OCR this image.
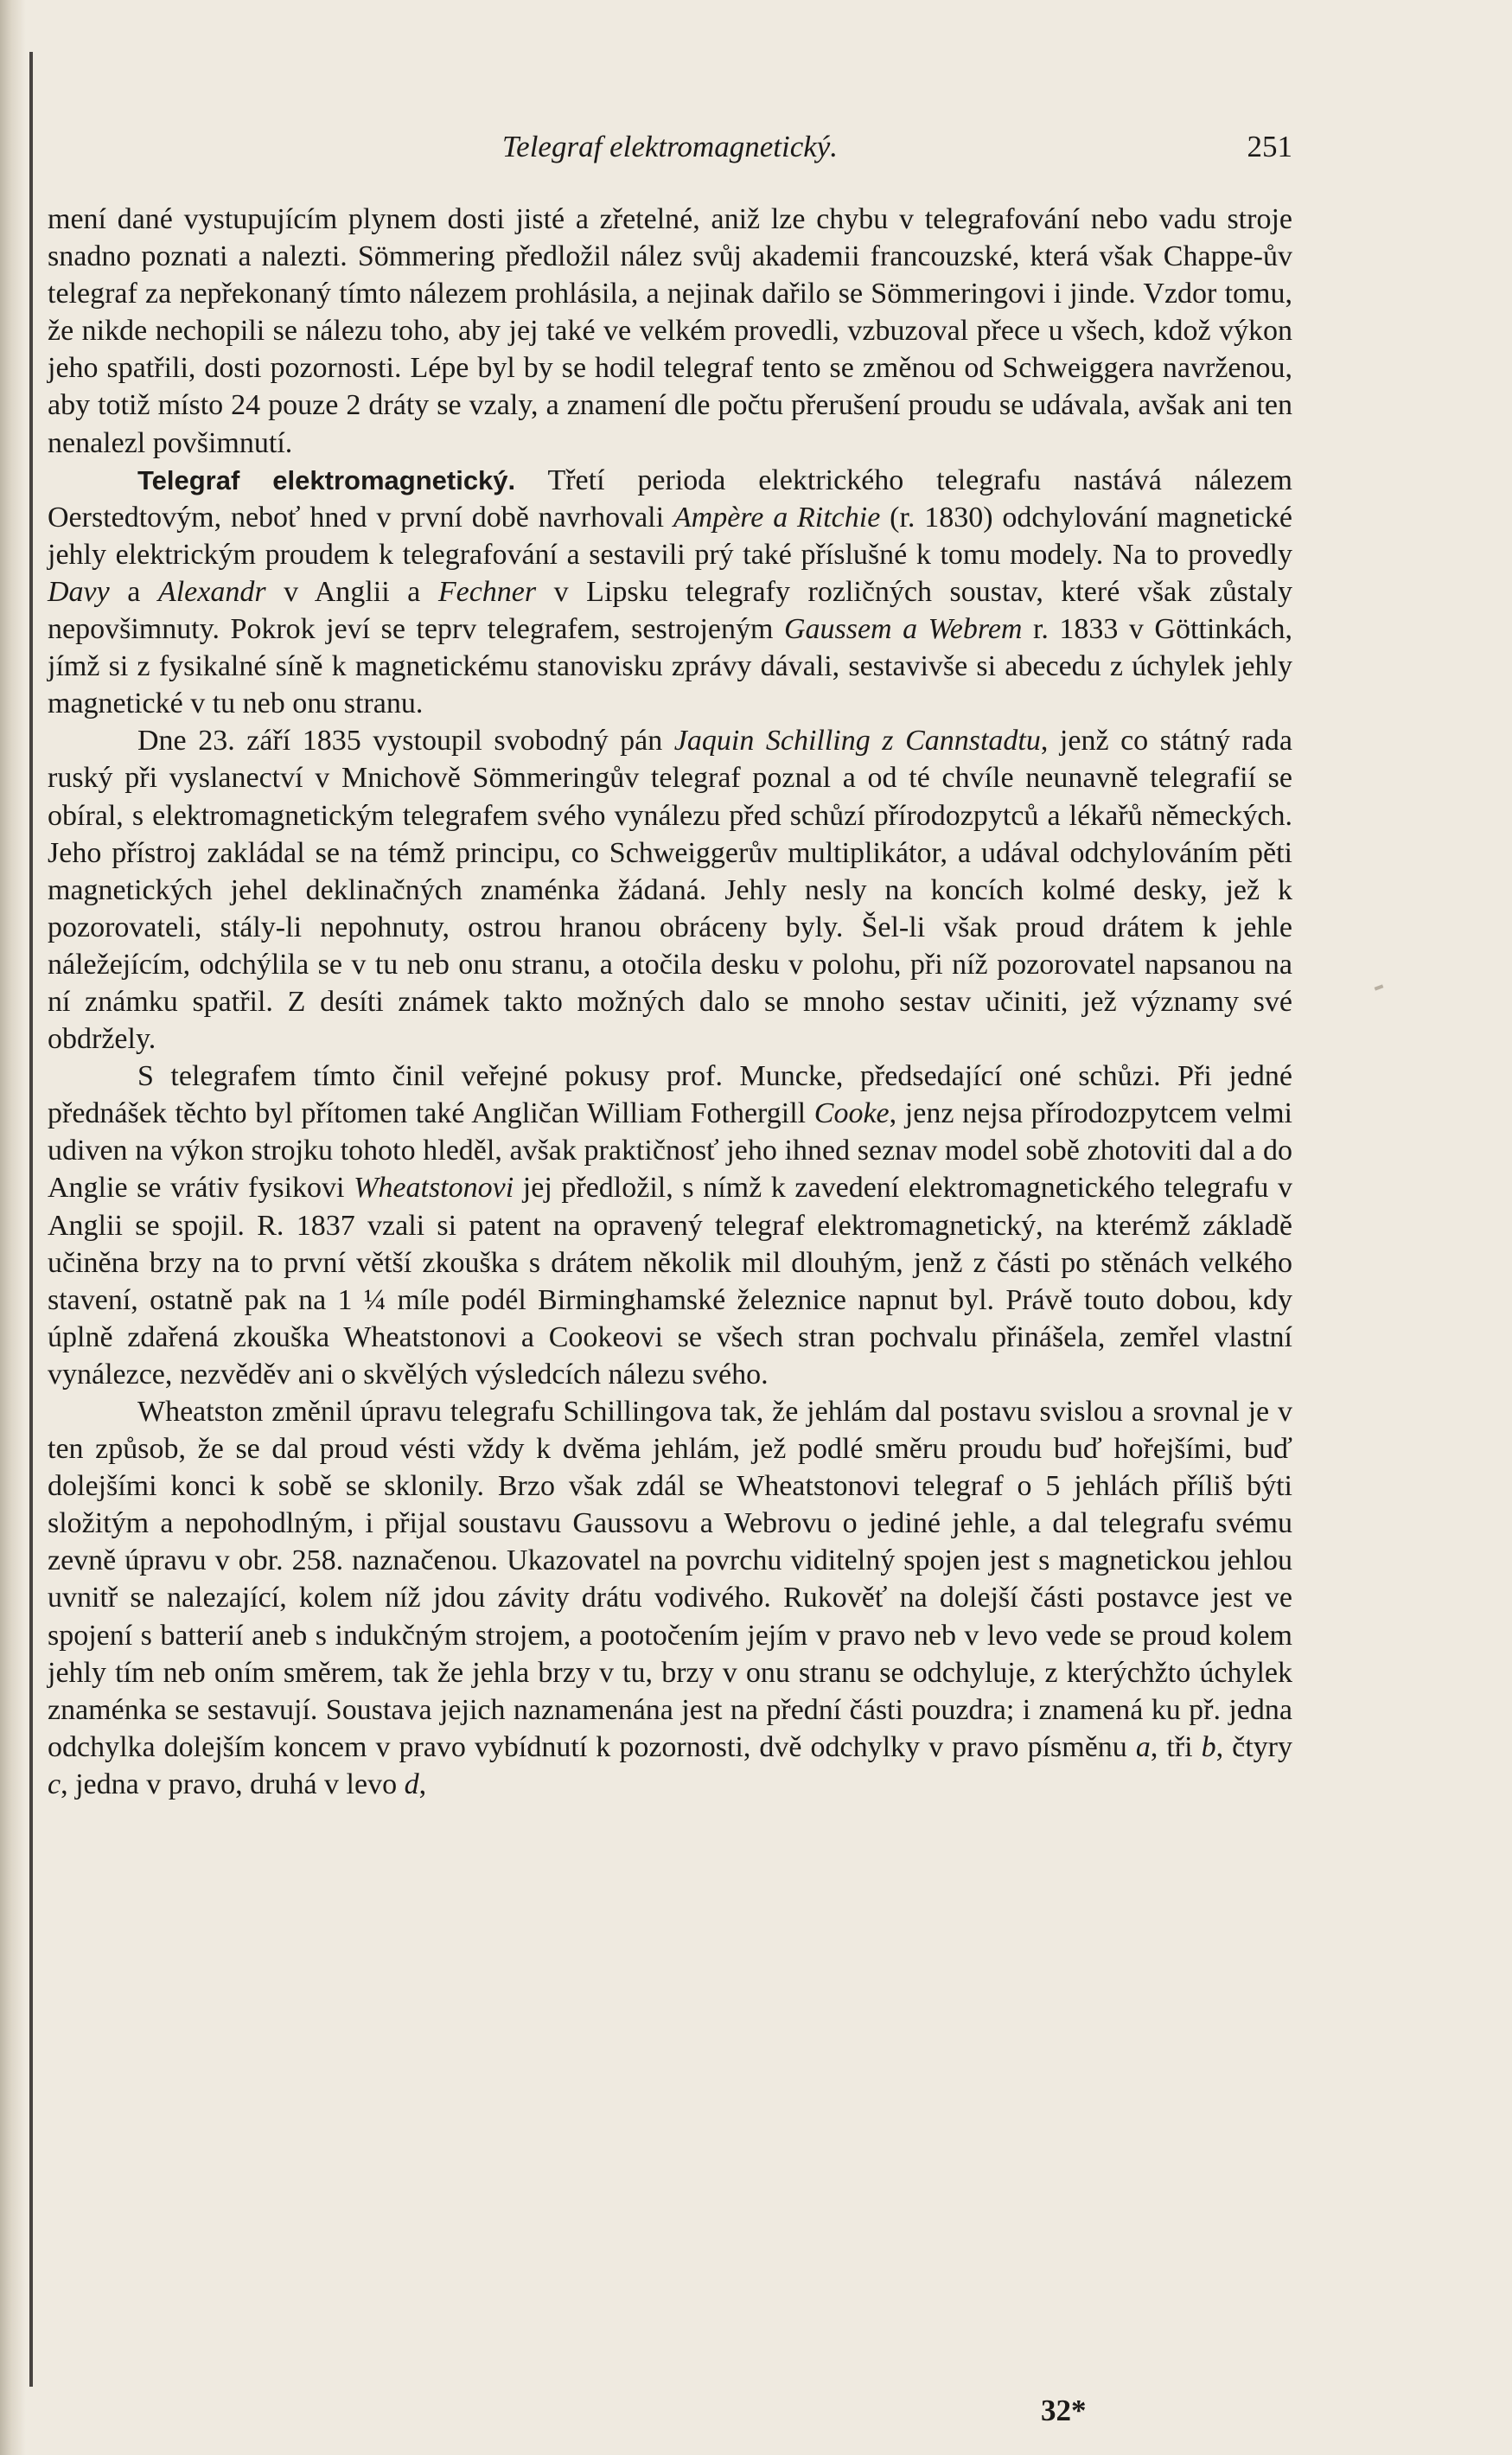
Telegraf elektromagnetický.	251

mení dané vystupujícím plynem dosti jisté a zřetelné, aniž lze chybu v telegrafování nebo vadu stroje snadno poznati a nalezti. Sömmering předložil nález svůj akademii francouzské, která však Chappe-ův telegraf za nepřekonaný tímto nálezem prohlásila, a nejinak dařilo se Sömmeringovi i jinde. Vzdor tomu, že nikde nechopili se nálezu toho, aby jej také ve velkém provedli, vzbuzoval přece u všech, kdož výkon jeho spatřili, dosti pozornosti. Lépe byl by se hodil telegraf tento se změnou od Schweiggera navrženou, aby totiž místo 24 pouze 2 dráty se vzaly, a znamení dle počtu přerušení proudu se udávala, avšak ani ten nenalezl povšimnutí.

Telegraf elektromagnetický. Třetí perioda elektrického telegrafu nastává nálezem Oerstedtovým, neboť hned v první době navrhovali Ampère a Ritchie (r. 1830) odchylování magnetické jehly elektrickým proudem k telegrafování a sestavili prý také příslušné k tomu modely. Na to provedly Davy a Alexandr v Anglii a Fechner v Lipsku telegrafy rozličných soustav, které však zůstaly nepovšimnuty. Pokrok jeví se teprv telegrafem, sestrojeným Gaussem a Webrem r. 1833 v Göttinkách, jímž si z fysikalné síně k magnetickému stanovisku zprávy dávali, sestavivše si abecedu z úchylek jehly magnetické v tu neb onu stranu.

Dne 23. září 1835 vystoupil svobodný pán Jaquin Schilling z Cannstadtu, jenž co státný rada ruský při vyslanectví v Mnichově Sömmeringův telegraf poznal a od té chvíle neunavně telegrafií se obíral, s elektromagnetickým telegrafem svého vynálezu před schůzí přírodozpytců a lékařů německých. Jeho přístroj zakládal se na témž principu, co Schweiggerův multiplikátor, a udával odchylováním pěti magnetických jehel deklinačných znaménka žádaná. Jehly nesly na koncích kolmé desky, jež k pozorovateli, stály-li nepohnuty, ostrou hranou obráceny byly. Šel-li však proud drátem k jehle náležejícím, odchýlila se v tu neb onu stranu, a otočila desku v polohu, při níž pozorovatel napsanou na ní známku spatřil. Z desíti známek takto možných dalo se mnoho sestav učiniti, jež významy své obdržely.

S telegrafem tímto činil veřejné pokusy prof. Muncke, předsedající oné schůzi. Při jedné přednášek těchto byl přítomen také Angličan William Fothergill Cooke, jenz nejsa přírodozpytcem velmi udiven na výkon strojku tohoto hleděl, avšak praktičnosť jeho ihned seznav model sobě zhotoviti dal a do Anglie se vrátiv fysikovi Wheatstonovi jej předložil, s nímž k zavedení elektromagnetického telegrafu v Anglii se spojil. R. 1837 vzali si patent na opravený telegraf elektromagnetický, na kterémž základě učiněna brzy na to první větší zkouška s drátem několik mil dlouhým, jenž z části po stěnách velkého stavení, ostatně pak na 1 ¼ míle podél Birminghamské železnice napnut byl. Právě touto dobou, kdy úplně zdařená zkouška Wheatstonovi a Cookeovi se všech stran pochvalu přinášela, zemřel vlastní vynálezce, nezvěděv ani o skvělých výsledcích nálezu svého.

Wheatston změnil úpravu telegrafu Schillingova tak, že jehlám dal postavu svislou a srovnal je v ten způsob, že se dal proud vésti vždy k dvěma jehlám, jež podlé směru proudu buď hořejšími, buď dolejšími konci k sobě se sklonily. Brzo však zdál se Wheatstonovi telegraf o 5 jehlách příliš býti složitým a nepohodlným, i přijal soustavu Gaussovu a Webrovu o jediné jehle, a dal telegrafu svému zevně úpravu v obr. 258. naznačenou. Ukazovatel na povrchu viditelný spojen jest s magnetickou jehlou uvnitř se nalezající, kolem níž jdou závity drátu vodivého. Rukověť na dolejší části postavce jest ve spojení s batterií aneb s indukčným strojem, a pootočením jejím v pravo neb v levo vede se proud kolem jehly tím neb oním směrem, tak že jehla brzy v tu, brzy v onu stranu se odchyluje, z kterýchžto úchylek znaménka se sestavují. Soustava jejich naznamenána jest na přední části pouzdra; i znamená ku př. jedna odchylka dolejším koncem v pravo vybídnutí k pozornosti, dvě odchylky v pravo písměnu a, tři b, čtyry c, jedna v pravo, druhá v levo d,

32*
